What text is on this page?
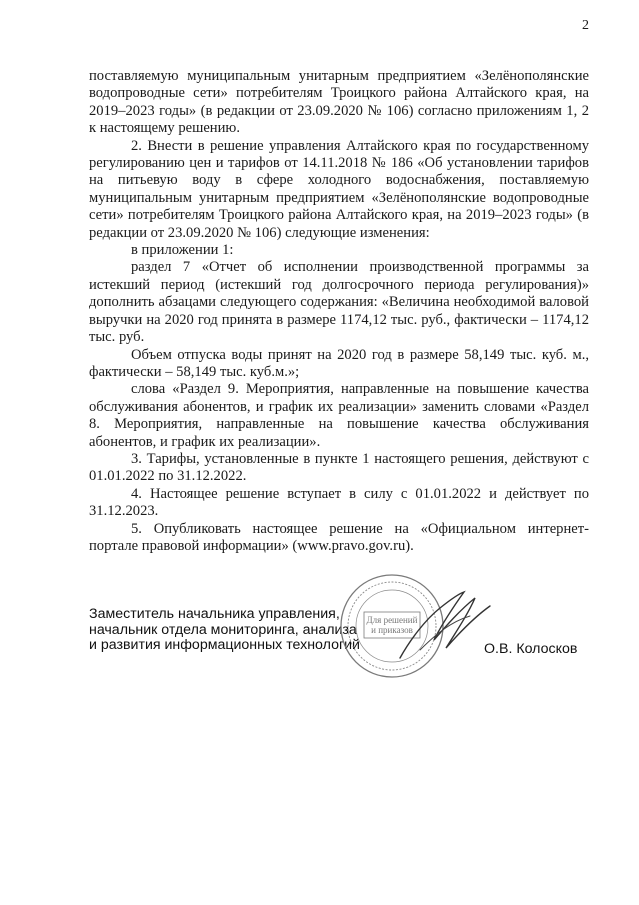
2

поставляемую муниципальным унитарным предприятием «Зелёнополянские водопроводные сети» потребителям Троицкого района Алтайского края, на 2019–2023 годы» (в редакции от 23.09.2020 № 106) согласно приложениям 1, 2 к настоящему решению.

2. Внести в решение управления Алтайского края по государственному регулированию цен и тарифов от 14.11.2018 № 186 «Об установлении тарифов на питьевую воду в сфере холодного водоснабжения, поставляемую муниципальным унитарным предприятием «Зелёнополянские водопроводные сети» потребителям Троицкого района Алтайского края, на 2019–2023 годы» (в редакции от 23.09.2020 № 106) следующие изменения:

в приложении 1:

раздел 7 «Отчет об исполнении производственной программы за истекший период (истекший год долгосрочного периода регулирования)» дополнить абзацами следующего содержания: «Величина необходимой валовой выручки на 2020 год принята в размере 1174,12 тыс. руб., фактически – 1174,12 тыс. руб.

Объем отпуска воды принят на 2020 год в размере 58,149 тыс. куб. м., фактически – 58,149 тыс. куб.м.»;

слова «Раздел 9. Мероприятия, направленные на повышение качества обслуживания абонентов, и график их реализации» заменить словами «Раздел 8. Мероприятия, направленные на повышение качества обслуживания абонентов, и график их реализации».

3. Тарифы, установленные в пункте 1 настоящего решения, действуют с 01.01.2022 по 31.12.2022.

4. Настоящее решение вступает в силу с 01.01.2022 и действует по 31.12.2023.

5. Опубликовать настоящее решение на «Официальном интернет-портале правовой информации» (www.pravo.gov.ru).

Заместитель начальника управления,
начальник отдела мониторинга, анализа
и развития информационных технологий
Для решений
и приказов
О.В. Колосков
